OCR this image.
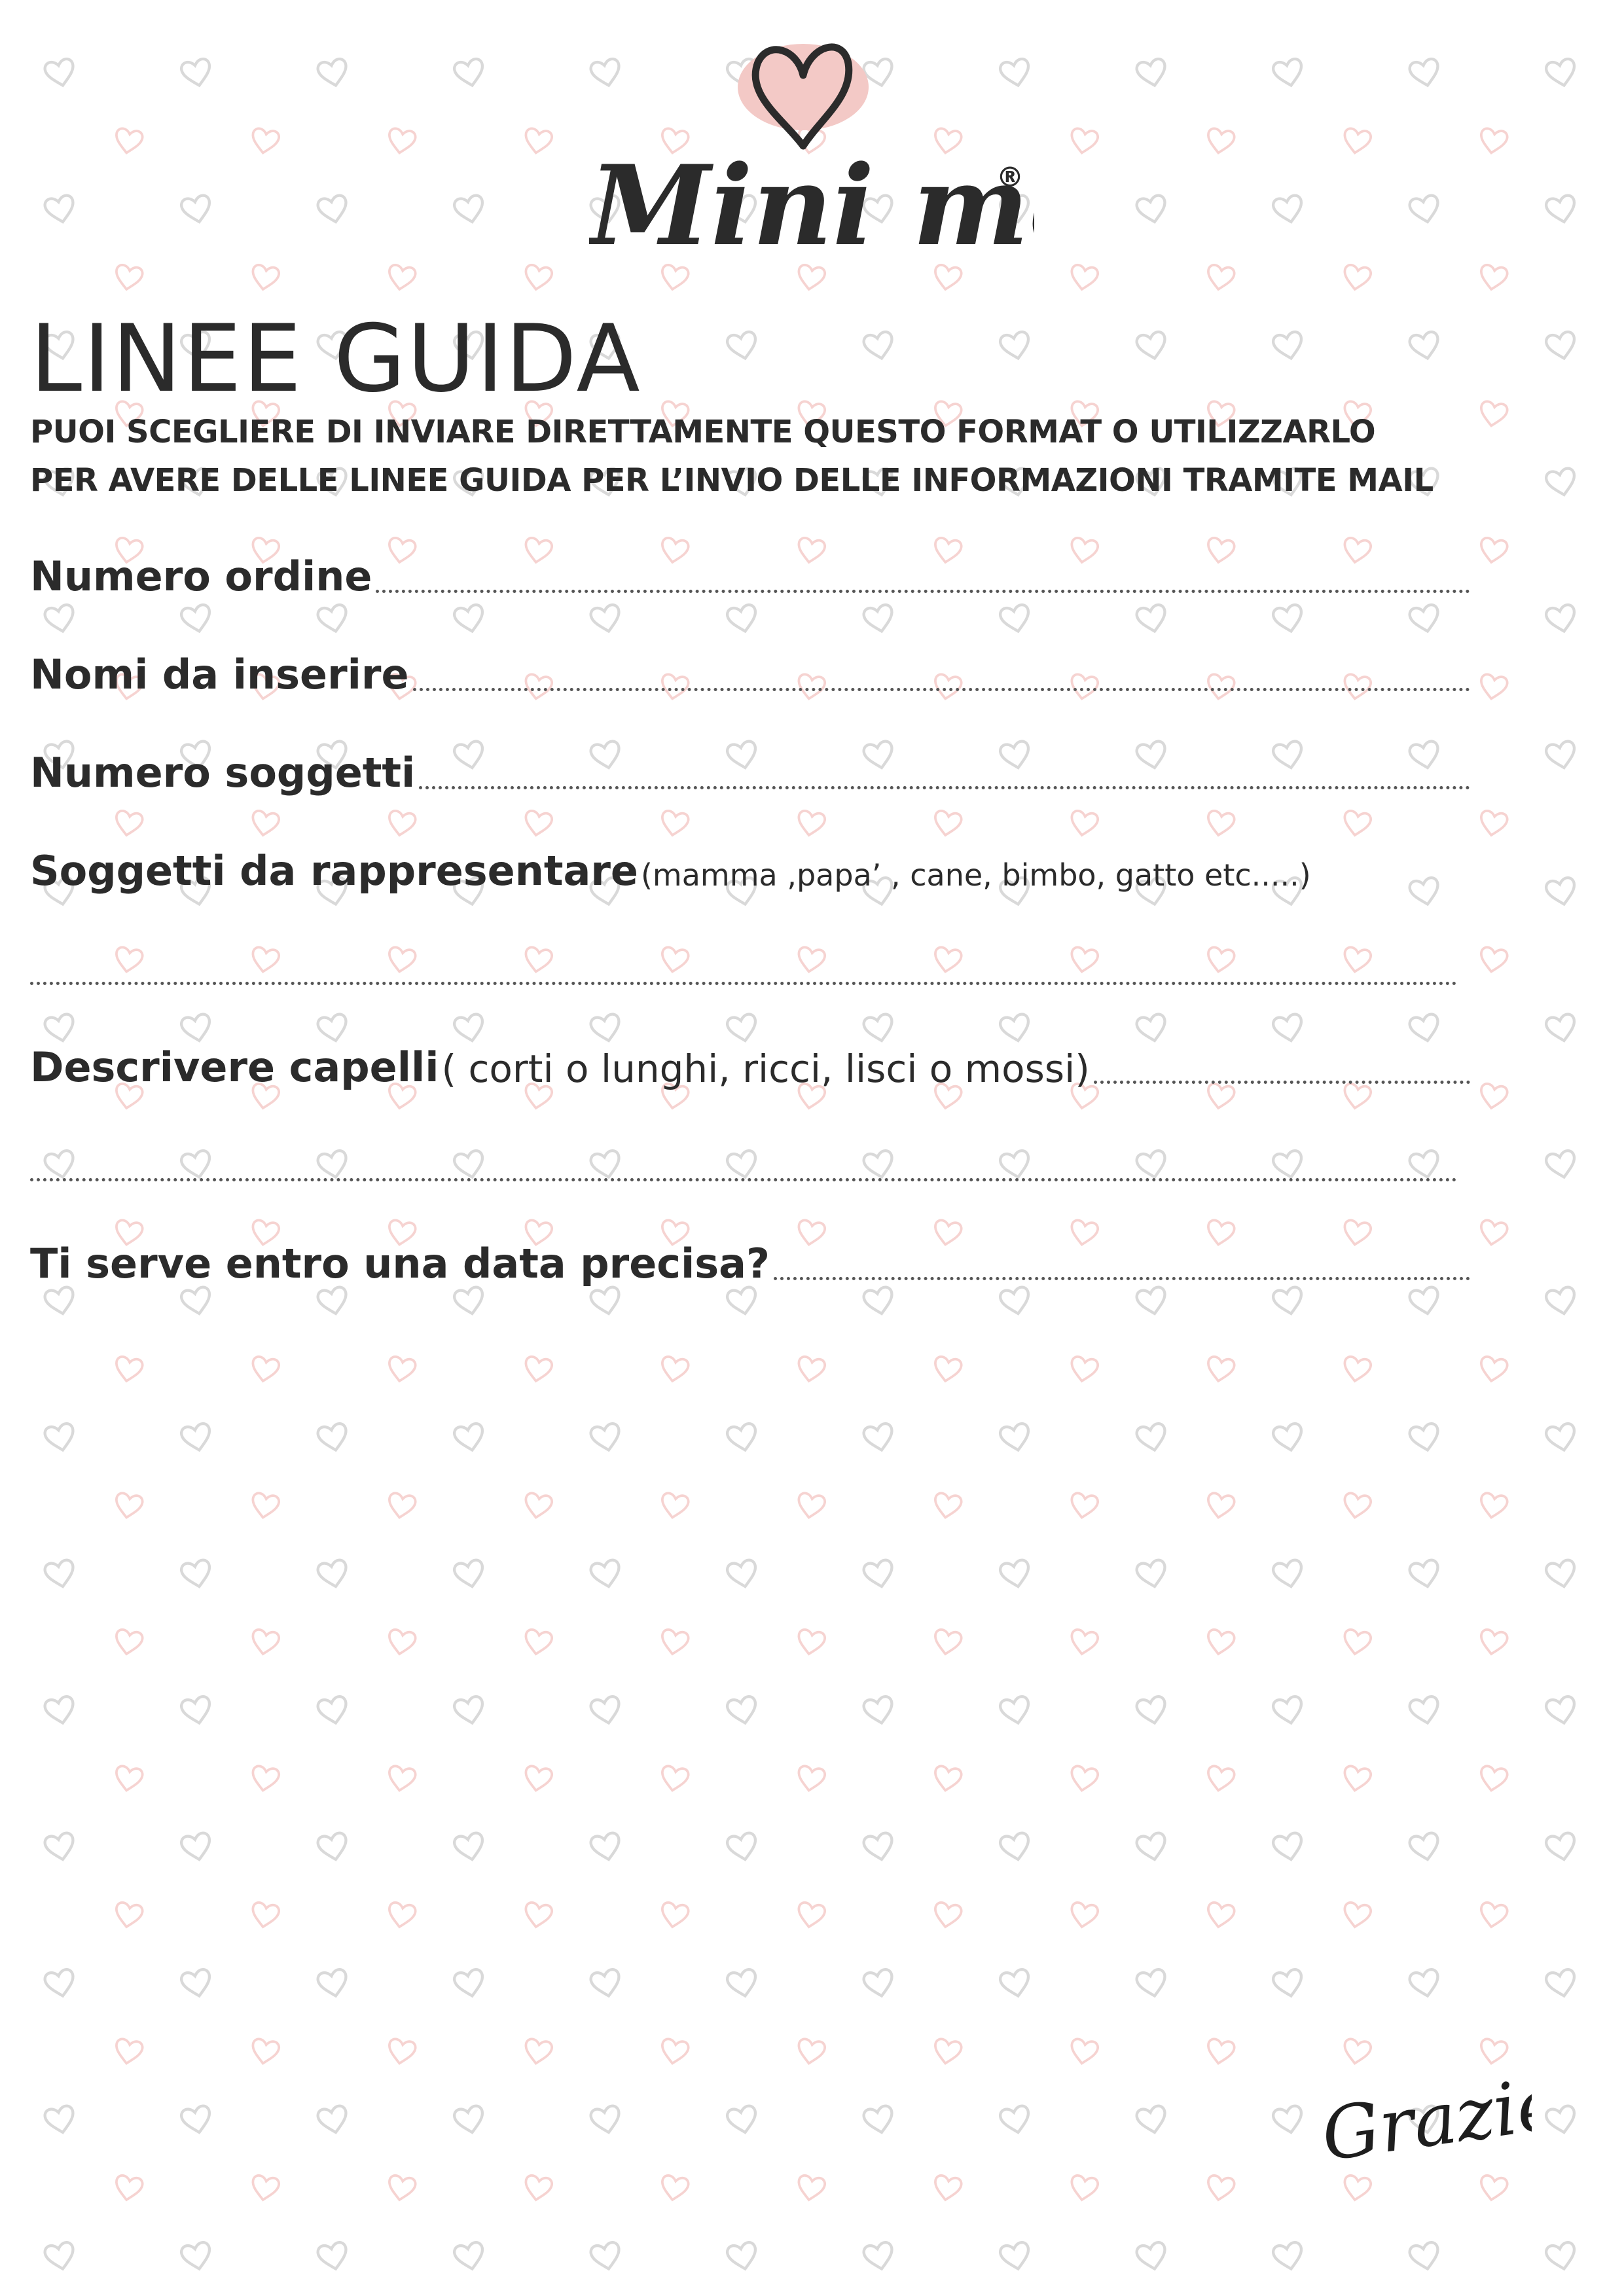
Mini m
®
LINEE GUIDA
PUOI SCEGLIERE DI INVIARE DIRETTAMENTE QUESTO FORMAT O UTILIZZARLO
PER AVERE DELLE LINEE GUIDA PER L’INVIO DELLE INFORMAZIONI TRAMITE MAIL
Numero ordine
Nomi da inserire
Numero soggetti
Soggetti da rappresentare (mamma ,papa’ , cane, bimbo, gatto etc.....)
Descrivere capelli ( corti o lunghi, ricci, lisci o mossi)
Ti serve entro una data precisa?
Grazie
